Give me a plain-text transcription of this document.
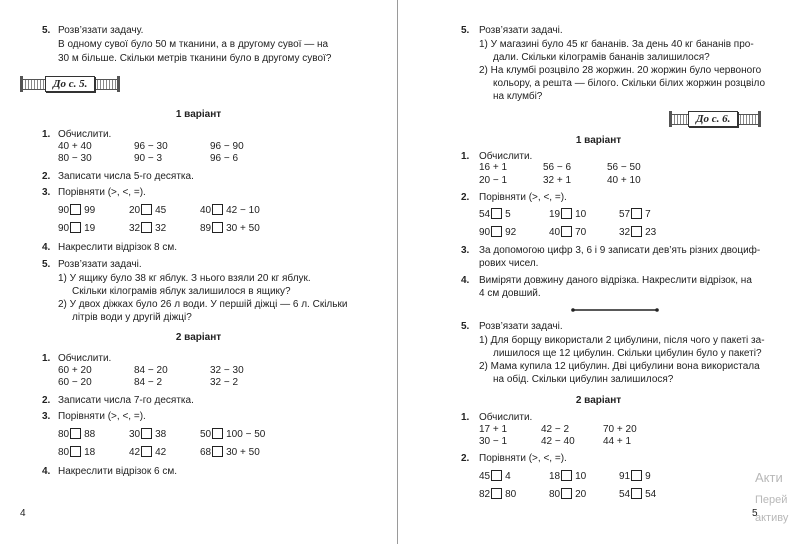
5. Розв’язати задачу.
В одному сувої було 50 м тканини, а в другому сувої — на
30 м більше. Скільки метрів тканини було в другому сувої?
До с. 5.
1 варіант
1. Обчислити.
40 + 40	96 − 30	96 − 90
80 − 30	90 − 3	96 − 6
2. Записати числа 5-го десятка.
3. Порівняти (>, <, =).
90 99	20 45	40 42 − 10
90 19	32 32	89 30 + 50
4. Накреслити відрізок 8 см.
5. Розв’язати задачі.
1) У ящику було 38 кг яблук. З нього взяли 20 кг яблук.
Скільки кілограмів яблук залишилося в ящику?
2) У двох діжках було 26 л води. У першій діжці — 6 л. Скільки
літрів води у другій діжці?
2 варіант
1. Обчислити.
60 + 20	84 − 20	32 − 30
60 − 20	84 − 2	32 − 2
2. Записати числа 7-го десятка.
3. Порівняти (>, <, =).
80 88	30 38	50 100 − 50
80 18	42 42	68 30 + 50
4. Накреслити відрізок 6 см.
4
5. Розв’язати задачі.
1) У магазині було 45 кг бананів. За день 40 кг бананів про-
дали. Скільки кілограмів бананів залишилося?
2) На клумбі розцвіло 28 жоржин. 20 жоржин було червоного
кольору, а решта — білого. Скільки білих жоржин розцвіло
на клумбі?
До с. 6.
1 варіант
1. Обчислити.
16 + 1	56 − 6	56 − 50
20 − 1	32 + 1	40 + 10
2. Порівняти (>, <, =).
54 5	19 10	57 7
90 92	40 70	32 23
3. За допомогою цифр 3, 6 і 9 записати дев’ять різних двоциф-
рових чисел.
4. Виміряти довжину даного відрізка. Накреслити відрізок, на
4 см довший.
5. Розв’язати задачі.
1) Для борщу використали 2 цибулини, після чого у пакеті за-
лишилося ще 12 цибулин. Скільки цибулин було у пакеті?
2) Мама купила 12 цибулин. Дві цибулини вона використала
на обід. Скільки цибулин залишилося?
2 варіант
1. Обчислити.
17 + 1	42 − 2	70 + 20
30 − 1	42 − 40	44 + 1
2. Порівняти (>, <, =).
45 4	18 10	91 9
82 80	80 20	54 54
5
Акти
Перей
активу
